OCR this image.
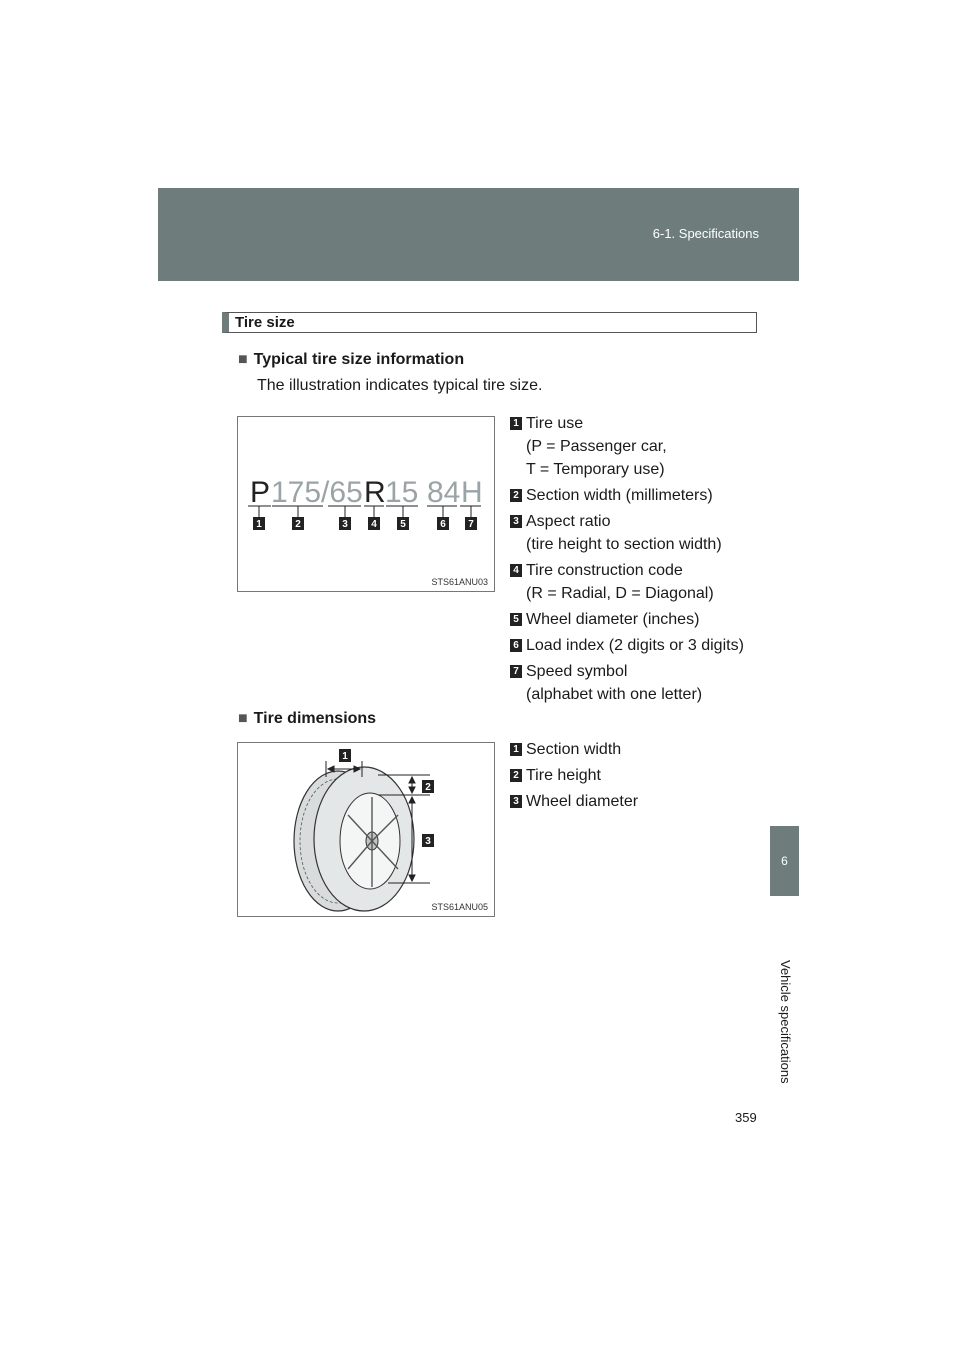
6-1. Specifications
6
Vehicle specifications
Tire size
■ Typical tire size information
The illustration indicates typical tire size.
P 175/65 R 15 84 H
1	2	3 4 5	6 7
STS61ANU03
1 Tire use
(P = Passenger car,
T = Temporary use)
2 Section width (millimeters)
3 Aspect ratio
(tire height to section width)
4 Tire construction code
(R = Radial, D = Diagonal)
5 Wheel diameter (inches)
6 Load index (2 digits or 3 digits)
7 Speed symbol
(alphabet with one letter)
■ Tire dimensions
1
2
3
STS61ANU05
1 Section width
2 Tire height
3 Wheel diameter
359
